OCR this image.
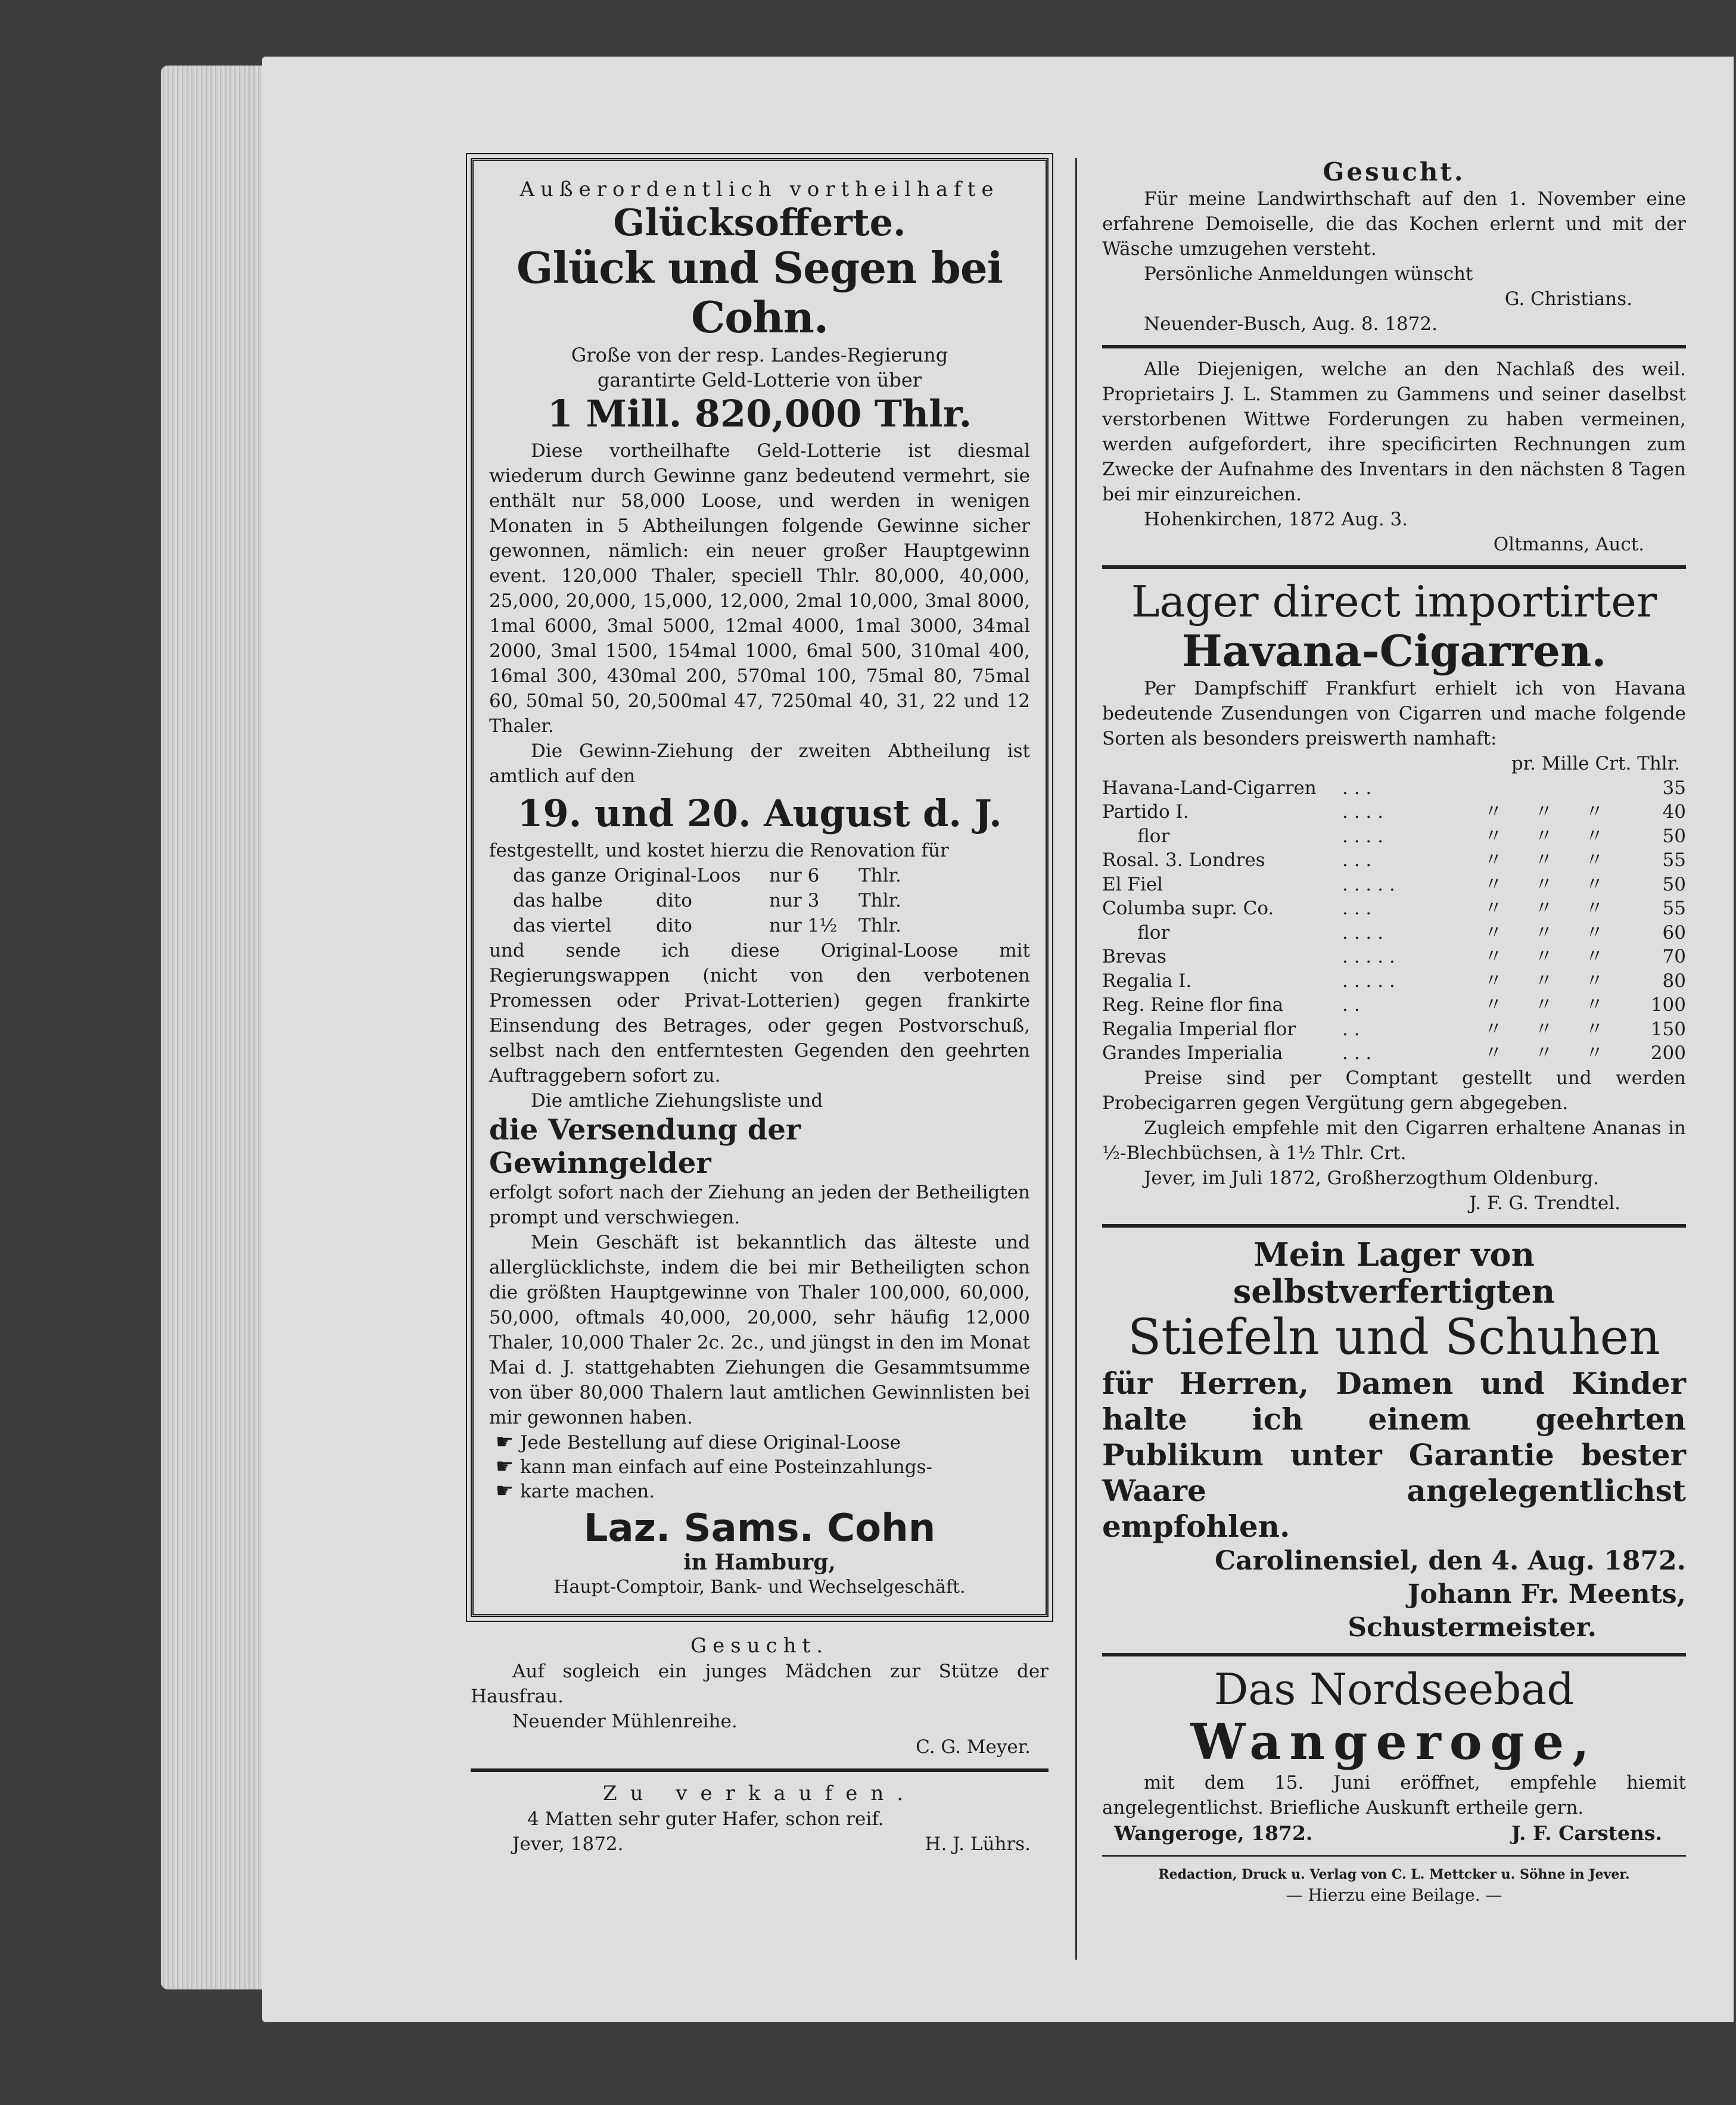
Außerordentlich vortheilhafte
Glücksofferte.
Glück und Segen bei Cohn.
Große von der resp. Landes-Regierung
garantirte Geld-Lotterie von über
1 Mill. 820,000 Thlr.

Diese vortheilhafte Geld-Lotterie ist diesmal wiederum durch Gewinne ganz bedeutend vermehrt, sie enthält nur 58,000 Loose, und werden in wenigen Monaten in 5 Abtheilungen folgende Gewinne sicher gewonnen, nämlich: ein neuer großer Hauptgewinn event. 120,000 Thaler, speciell Thlr. 80,000, 40,000, 25,000, 20,000, 15,000, 12,000, 2mal 10,000, 3mal 8000, 1mal 6000, 3mal 5000, 12mal 4000, 1mal 3000, 34mal 2000, 3mal 1500, 154mal 1000, 6mal 500, 310mal 400, 16mal 300, 430mal 200, 570mal 100, 75mal 80, 75mal 60, 50mal 50, 20,500mal 47, 7250mal 40, 31, 22 und 12 Thaler.

Die Gewinn-Ziehung der zweiten Abtheilung ist amtlich auf den

19. und 20. August d. J.

festgestellt, und kostet hierzu die Renovation für

das ganze Original-Loos	nur 6	Thlr.
das halbe	dito	nur 3	Thlr.
das viertel	dito	nur 1½	Thlr.

und sende ich diese Original-Loose mit Regierungswappen (nicht von den verbotenen Promessen oder Privat-Lotterien) gegen frankirte Einsendung des Betrages, oder gegen Postvorschuß, selbst nach den entferntesten Gegenden den geehrten Auftraggebern sofort zu.

Die amtliche Ziehungsliste und

die Versendung der Gewinngelder

erfolgt sofort nach der Ziehung an jeden der Betheiligten prompt und verschwiegen.

Mein Geschäft ist bekanntlich das älteste und allerglücklichste, indem die bei mir Betheiligten schon die größten Hauptgewinne von Thaler 100,000, 60,000, 50,000, oftmals 40,000, 20,000, sehr häufig 12,000 Thaler, 10,000 Thaler 2c. 2c., und jüngst in den im Monat Mai d. J. stattgehabten Ziehungen die Gesammtsumme von über 80,000 Thalern laut amtlichen Gewinnlisten bei mir gewonnen haben.

☛ Jede Bestellung auf diese Original-Loose
☛ kann man einfach auf eine Posteinzahlungs-
☛ karte machen.
Laz. Sams. Cohn
in Hamburg,
Haupt-Comptoir, Bank- und Wechselgeschäft.
Gesucht.

Auf sogleich ein junges Mädchen zur Stütze der Hausfrau.

Neuender Mühlenreihe.

C. G. Meyer.
Zu verkaufen.
4 Matten sehr guter Hafer, schon reif.
Jever, 1872.	H. J. Lührs.
Gesucht.

Für meine Landwirthschaft auf den 1. November eine erfahrene Demoiselle, die das Kochen erlernt und mit der Wäsche umzugehen versteht.

Persönliche Anmeldungen wünscht

G. Christians.

Neuender-Busch, Aug. 8. 1872.

Alle Diejenigen, welche an den Nachlaß des weil. Proprietairs J. L. Stammen zu Gammens und seiner daselbst verstorbenen Wittwe Forderungen zu haben vermeinen, werden aufgefordert, ihre specificirten Rechnungen zum Zwecke der Aufnahme des Inventars in den nächsten 8 Tagen bei mir einzureichen.

Hohenkirchen, 1872 Aug. 3.

Oltmanns, Auct.
Lager direct importirter
Havana-Cigarren.

Per Dampfschiff Frankfurt erhielt ich von Havana bedeutende Zusendungen von Cigarren und mache folgende Sorten als besonders preiswerth namhaft:

pr. Mille Crt. Thlr.
Havana-Land-Cigarren	. . .	35
Partido I.	. . . .	〃 〃 〃	40
flor	. . . .	〃 〃 〃	50
Rosal. 3. Londres	. . .	〃 〃 〃	55
El Fiel	. . . . .	〃 〃 〃	50
Columba supr. Co.	. . .	〃 〃 〃	55
flor	. . . .	〃 〃 〃	60
Brevas	. . . . .	〃 〃 〃	70
Regalia I.	. . . . .	〃 〃 〃	80
Reg. Reine flor fina	. .	〃 〃 〃	100
Regalia Imperial flor	. .	〃 〃 〃	150
Grandes Imperialia	. . .	〃 〃 〃	200

Preise sind per Comptant gestellt und werden Probecigarren gegen Vergütung gern abgegeben.

Zugleich empfehle mit den Cigarren erhaltene Ananas in ½-Blechbüchsen, à 1½ Thlr. Crt.

Jever, im Juli 1872, Großherzogthum Oldenburg.

J. F. G. Trendtel.
Mein Lager von selbstverfertigten
Stiefeln und Schuhen
für Herren, Damen und Kinder halte ich einem geehrten Publikum unter Garantie bester Waare angelegentlichst empfohlen.
Carolinensiel, den 4. Aug. 1872.
Johann Fr. Meents,
Schustermeister.
Das Nordseebad
Wangeroge,

mit dem 15. Juni eröffnet, empfehle hiemit angelegentlichst. Briefliche Auskunft ertheile gern.

Wangeroge, 1872.	J. F. Carstens.
Redaction, Druck u. Verlag von C. L. Mettcker u. Söhne in Jever.
— Hierzu eine Beilage. —
